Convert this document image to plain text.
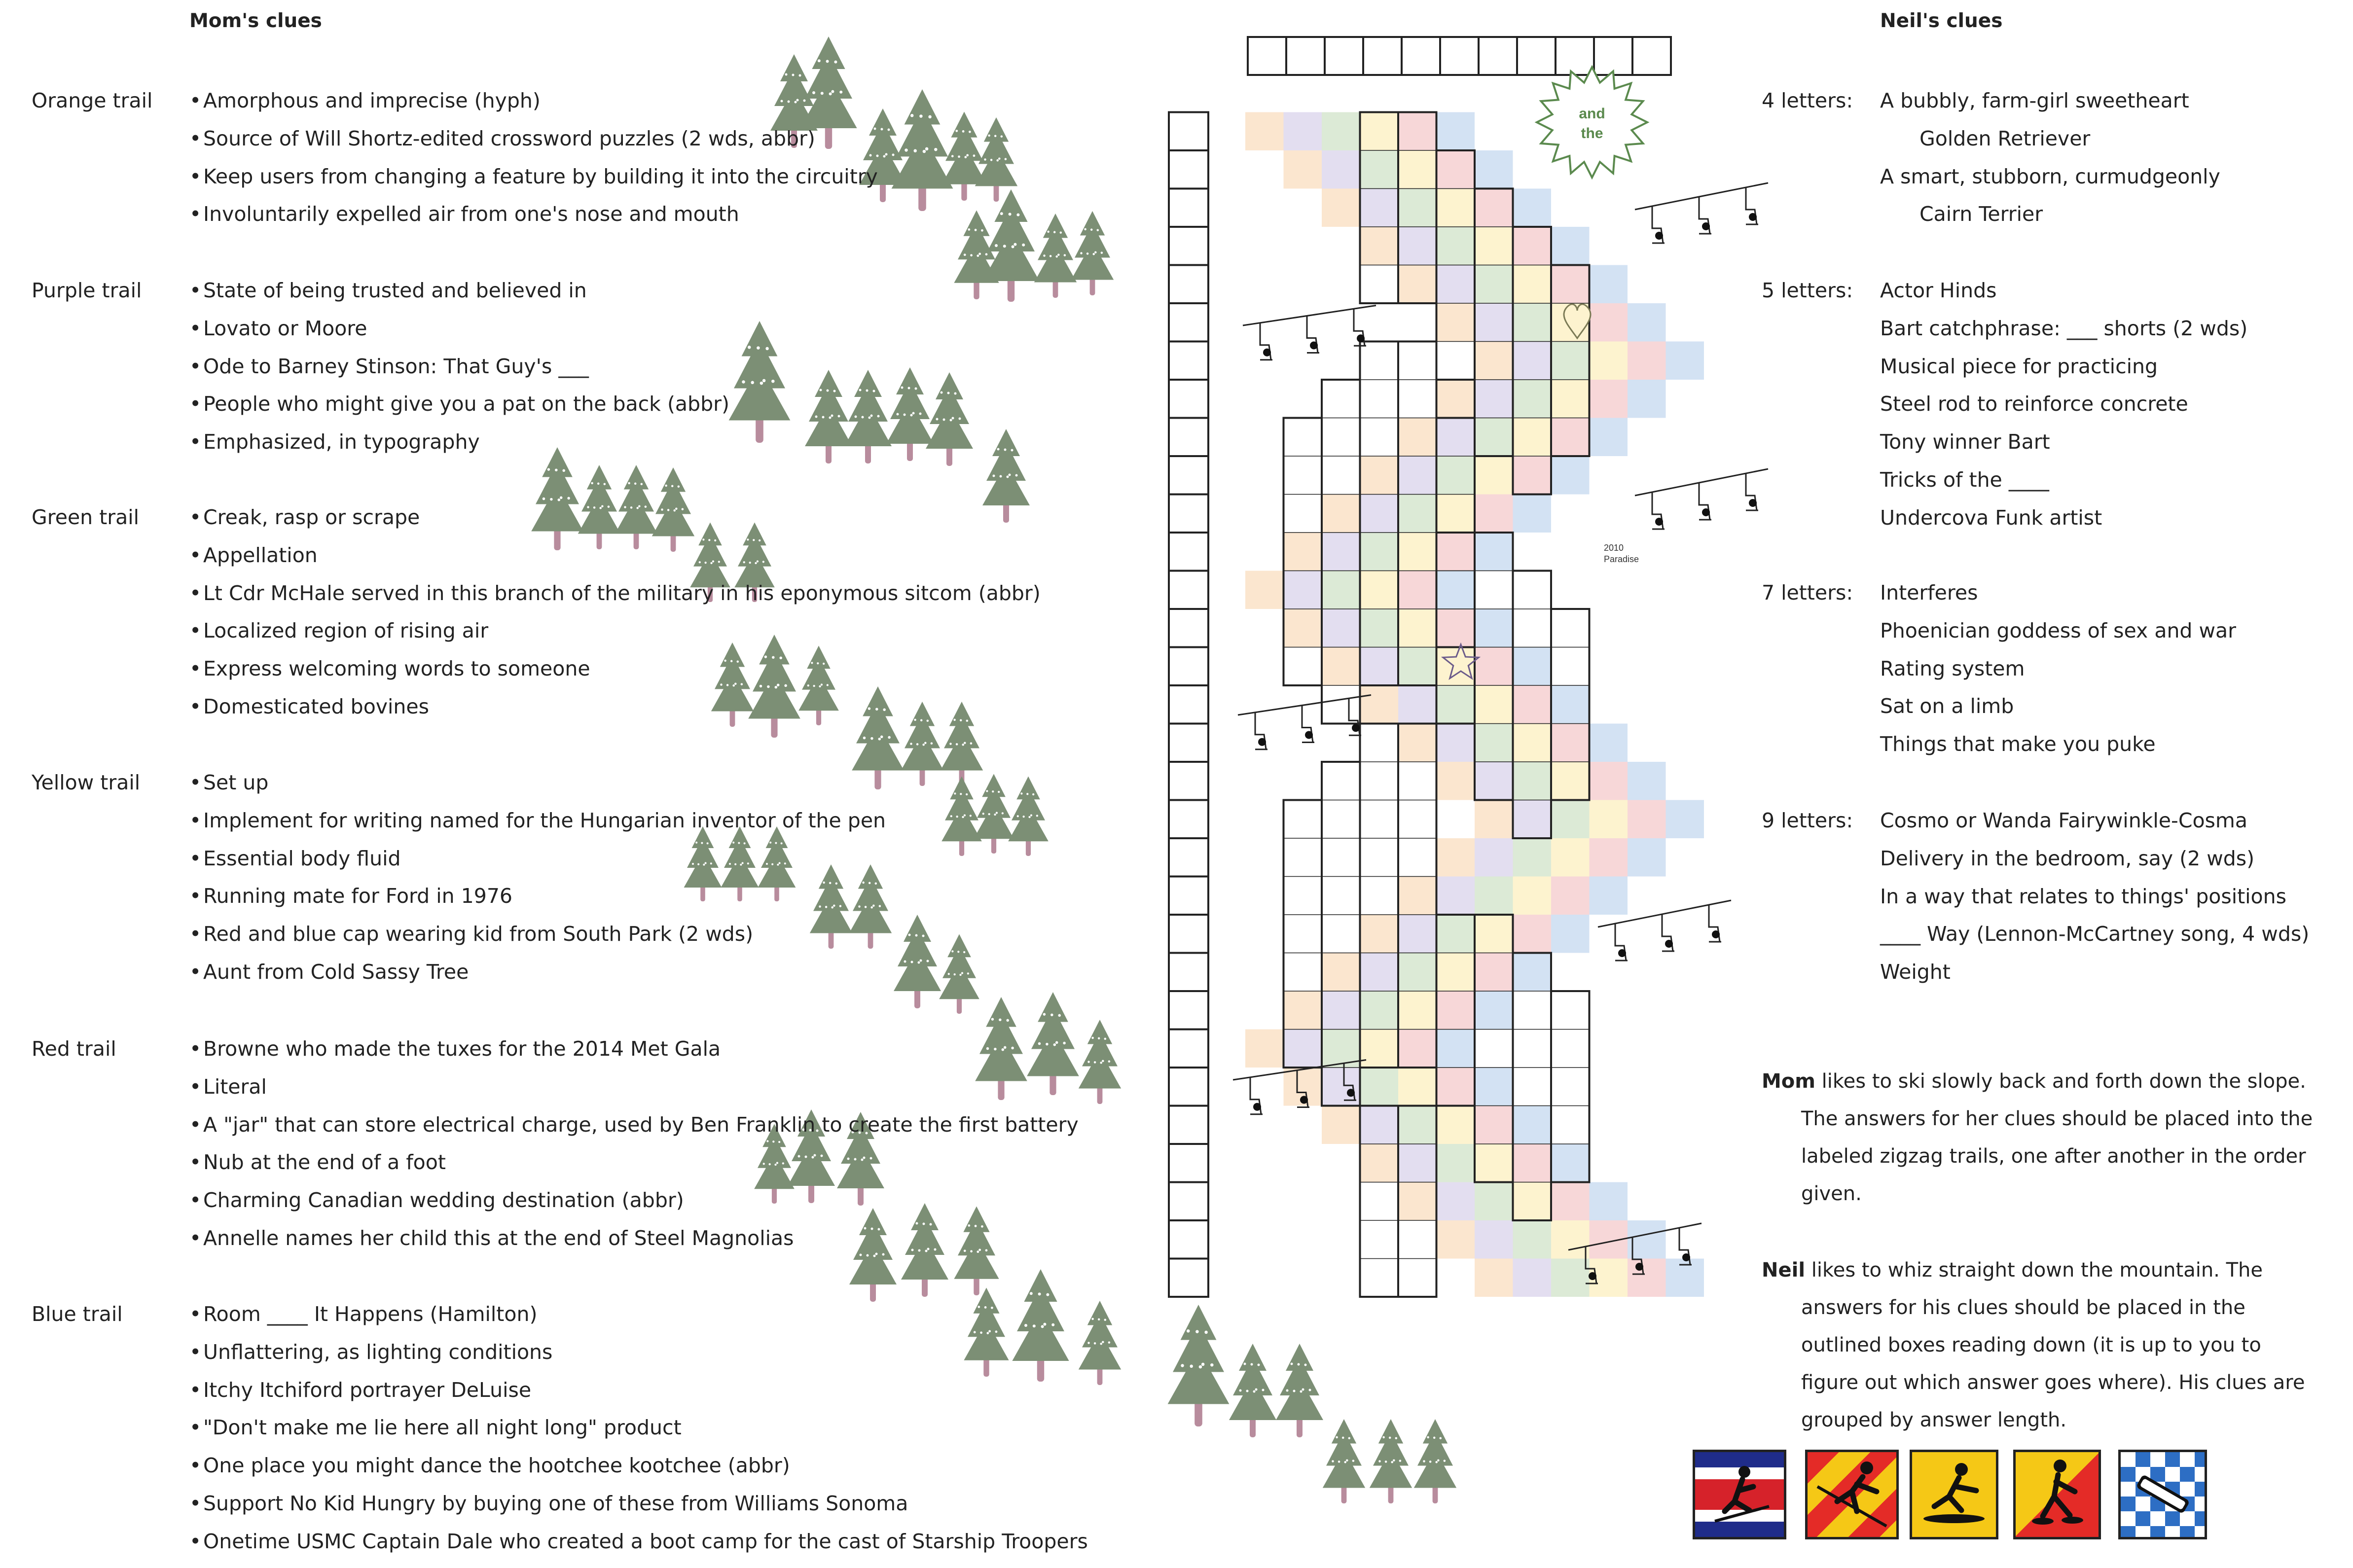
Mom's clues
Orange trail •Amorphous and imprecise (hyph)
•Source of Will Shortz-edited crossword puzzles (2 wds, abbr)
•Keep users from changing a feature by building it into the circuitry
•Involuntarily expelled air from one's nose and mouth
Purple trail •State of being trusted and believed in
•Lovato or Moore
•Ode to Barney Stinson: That Guy's ___
•People who might give you a pat on the back (abbr)
•Emphasized, in typography
Green trail •Creak, rasp or scrape
•Appellation
•Lt Cdr McHale served in this branch of the military in his eponymous sitcom (abbr)
•Localized region of rising air
•Express welcoming words to someone
•Domesticated bovines
Yellow trail •Set up
•Implement for writing named for the Hungarian inventor of the pen
•Essential body fluid
•Running mate for Ford in 1976
•Red and blue cap wearing kid from South Park (2 wds)
•Aunt from Cold Sassy Tree
Red trail	•Browne who made the tuxes for the 2014 Met Gala
•Literal
•A "jar" that can store electrical charge, used by Ben Franklin to create the first battery
•Nub at the end of a foot
•Charming Canadian wedding destination (abbr)
•Annelle names her child this at the end of Steel Magnolias
Blue trail	•Room ____ It Happens (Hamilton)
•Unflattering, as lighting conditions
•Itchy Itchiford portrayer DeLuise
•"Don't make me lie here all night long" product
•One place you might dance the hootchee kootchee (abbr)
•Support No Kid Hungry by buying one of these from Williams Sonoma
•Onetime USMC Captain Dale who created a boot camp for the cast of Starship Troopers
Neil's clues
4 letters: A bubbly, farm-girl sweetheart
Golden Retriever
A smart, stubborn, curmudgeonly
Cairn Terrier
5 letters: Actor Hinds
Bart catchphrase: ___ shorts (2 wds)
Musical piece for practicing
Steel rod to reinforce concrete
Tony winner Bart
Tricks of the ____
Undercova Funk artist
7 letters: Interferes
Phoenician goddess of sex and war
Rating system
Sat on a limb
Things that make you puke
9 letters: Cosmo or Wanda Fairywinkle-Cosma
Delivery in the bedroom, say (2 wds)
In a way that relates to things' positions
____ Way (Lennon-McCartney song, 4 wds)
Weight
and
the
2010
Paradise
Mom likes to ski slowly back and forth down the slope. The answers for her clues should be placed into the labeled zigzag trails, one after another in the order given.
Neil likes to whiz straight down the mountain. The answers for his clues should be placed in the outlined boxes reading down (it is up to you to figure out which answer goes where). His clues are grouped by answer length.
